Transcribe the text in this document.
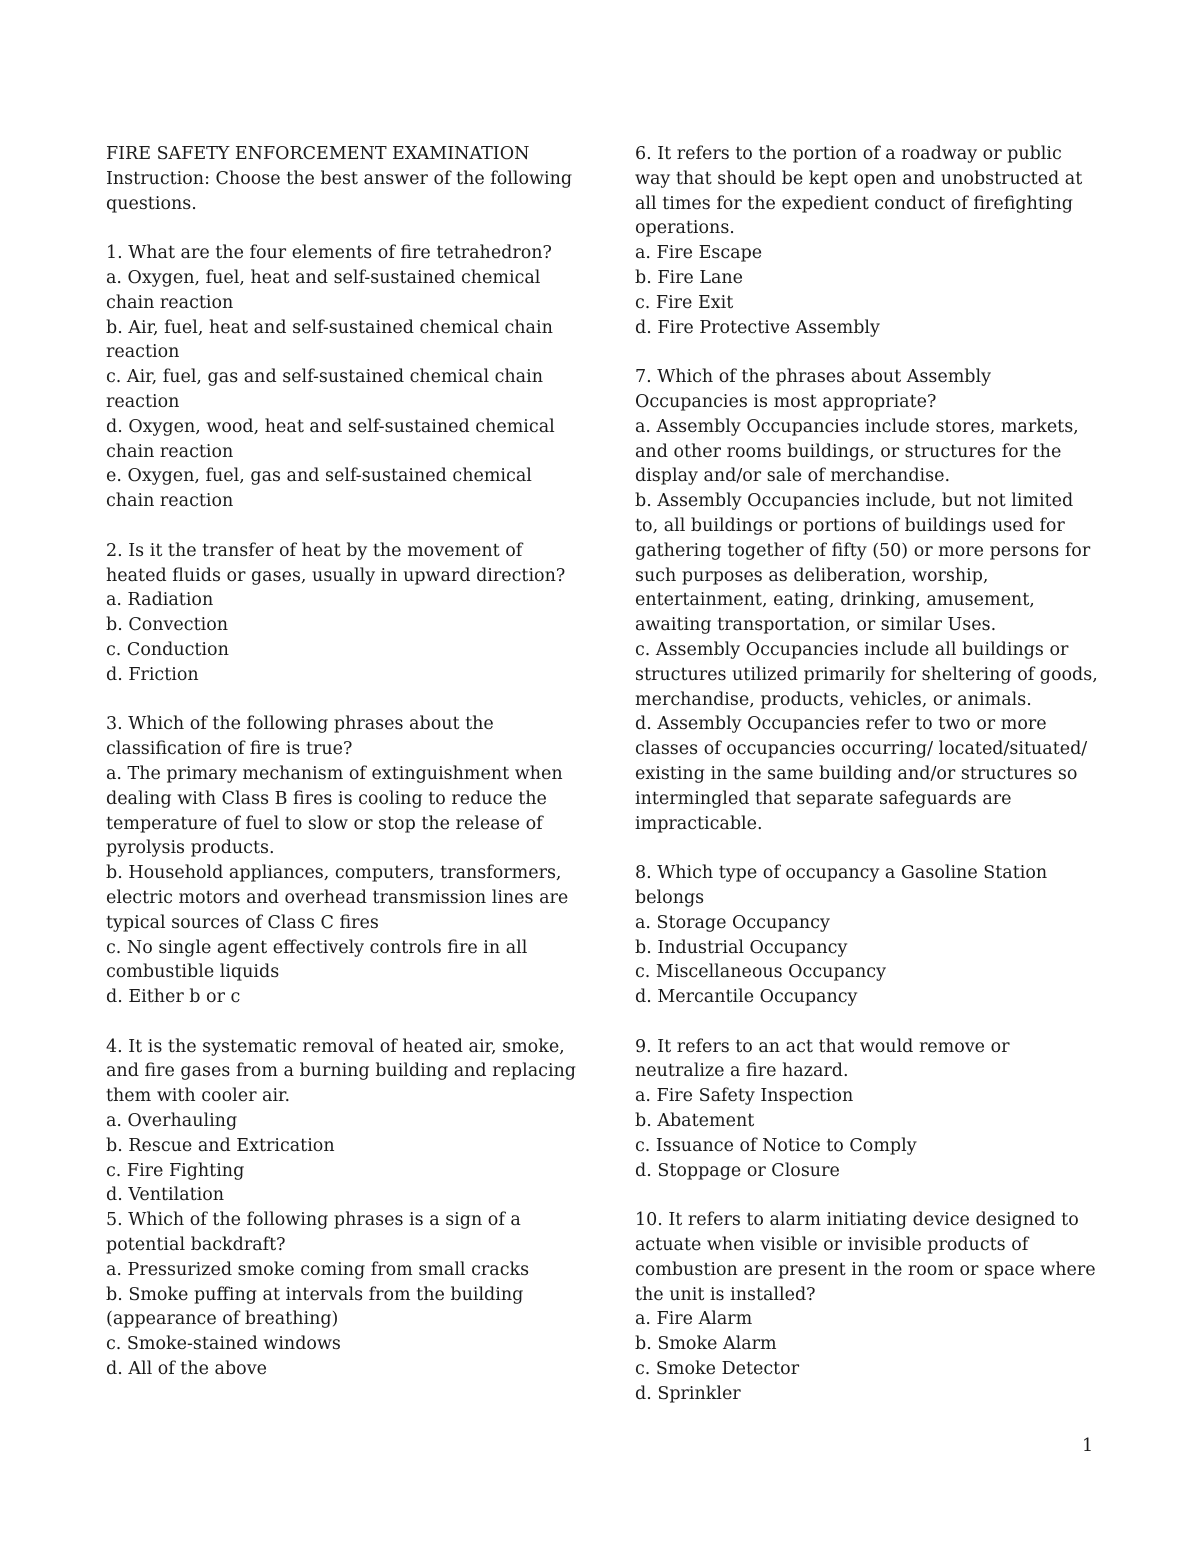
FIRE SAFETY ENFORCEMENT EXAMINATION

Instruction: Choose the best answer of the following questions.

1. What are the four elements of fire tetrahedron?

a. Oxygen, fuel, heat and self-sustained chemical chain reaction

b. Air, fuel, heat and self-sustained chemical chain reaction

c. Air, fuel, gas and self-sustained chemical chain reaction

d. Oxygen, wood, heat and self-sustained chemical chain reaction

e. Oxygen, fuel, gas and self-sustained chemical chain reaction

2. Is it the transfer of heat by the movement of heated fluids or gases, usually in upward direction?

a. Radiation

b. Convection

c. Conduction

d. Friction

3. Which of the following phrases about the classification of fire is true?

a. The primary mechanism of extinguishment when dealing with Class B fires is cooling to reduce the temperature of fuel to slow or stop the release of pyrolysis products.

b. Household appliances, computers, transformers, electric motors and overhead transmission lines are typical sources of Class C fires

c. No single agent effectively controls fire in all combustible liquids

d. Either b or c

4. It is the systematic removal of heated air, smoke, and fire gases from a burning building and replacing them with cooler air.

a. Overhauling

b. Rescue and Extrication

c. Fire Fighting

d. Ventilation

5. Which of the following phrases is a sign of a potential backdraft?

a. Pressurized smoke coming from small cracks

b. Smoke puffing at intervals from the building (appearance of breathing)

c. Smoke-stained windows

d. All of the above

6. It refers to the portion of a roadway or public way that should be kept open and unobstructed at all times for the expedient conduct of firefighting operations.

a. Fire Escape

b. Fire Lane

c. Fire Exit

d. Fire Protective Assembly

7. Which of the phrases about Assembly Occupancies is most appropriate?

a. Assembly Occupancies include stores, markets, and other rooms buildings, or structures for the display and/or sale of merchandise.

b. Assembly Occupancies include, but not limited to, all buildings or portions of buildings used for gathering together of fifty (50) or more persons for such purposes as deliberation, worship, entertainment, eating, drinking, amusement, awaiting transportation, or similar Uses.

c. Assembly Occupancies include all buildings or structures utilized primarily for sheltering of goods, merchandise, products, vehicles, or animals.

d. Assembly Occupancies refer to two or more classes of occupancies occurring/ located/situated/ existing in the same building and/or structures so intermingled that separate safeguards are impracticable.

8. Which type of occupancy a Gasoline Station belongs

a. Storage Occupancy

b. Industrial Occupancy

c. Miscellaneous Occupancy

d. Mercantile Occupancy

9. It refers to an act that would remove or neutralize a fire hazard.

a. Fire Safety Inspection

b. Abatement

c. Issuance of Notice to Comply

d. Stoppage or Closure

10. It refers to alarm initiating device designed to actuate when visible or invisible products of combustion are present in the room or space where the unit is installed?

a. Fire Alarm

b. Smoke Alarm

c. Smoke Detector

d. Sprinkler

1
